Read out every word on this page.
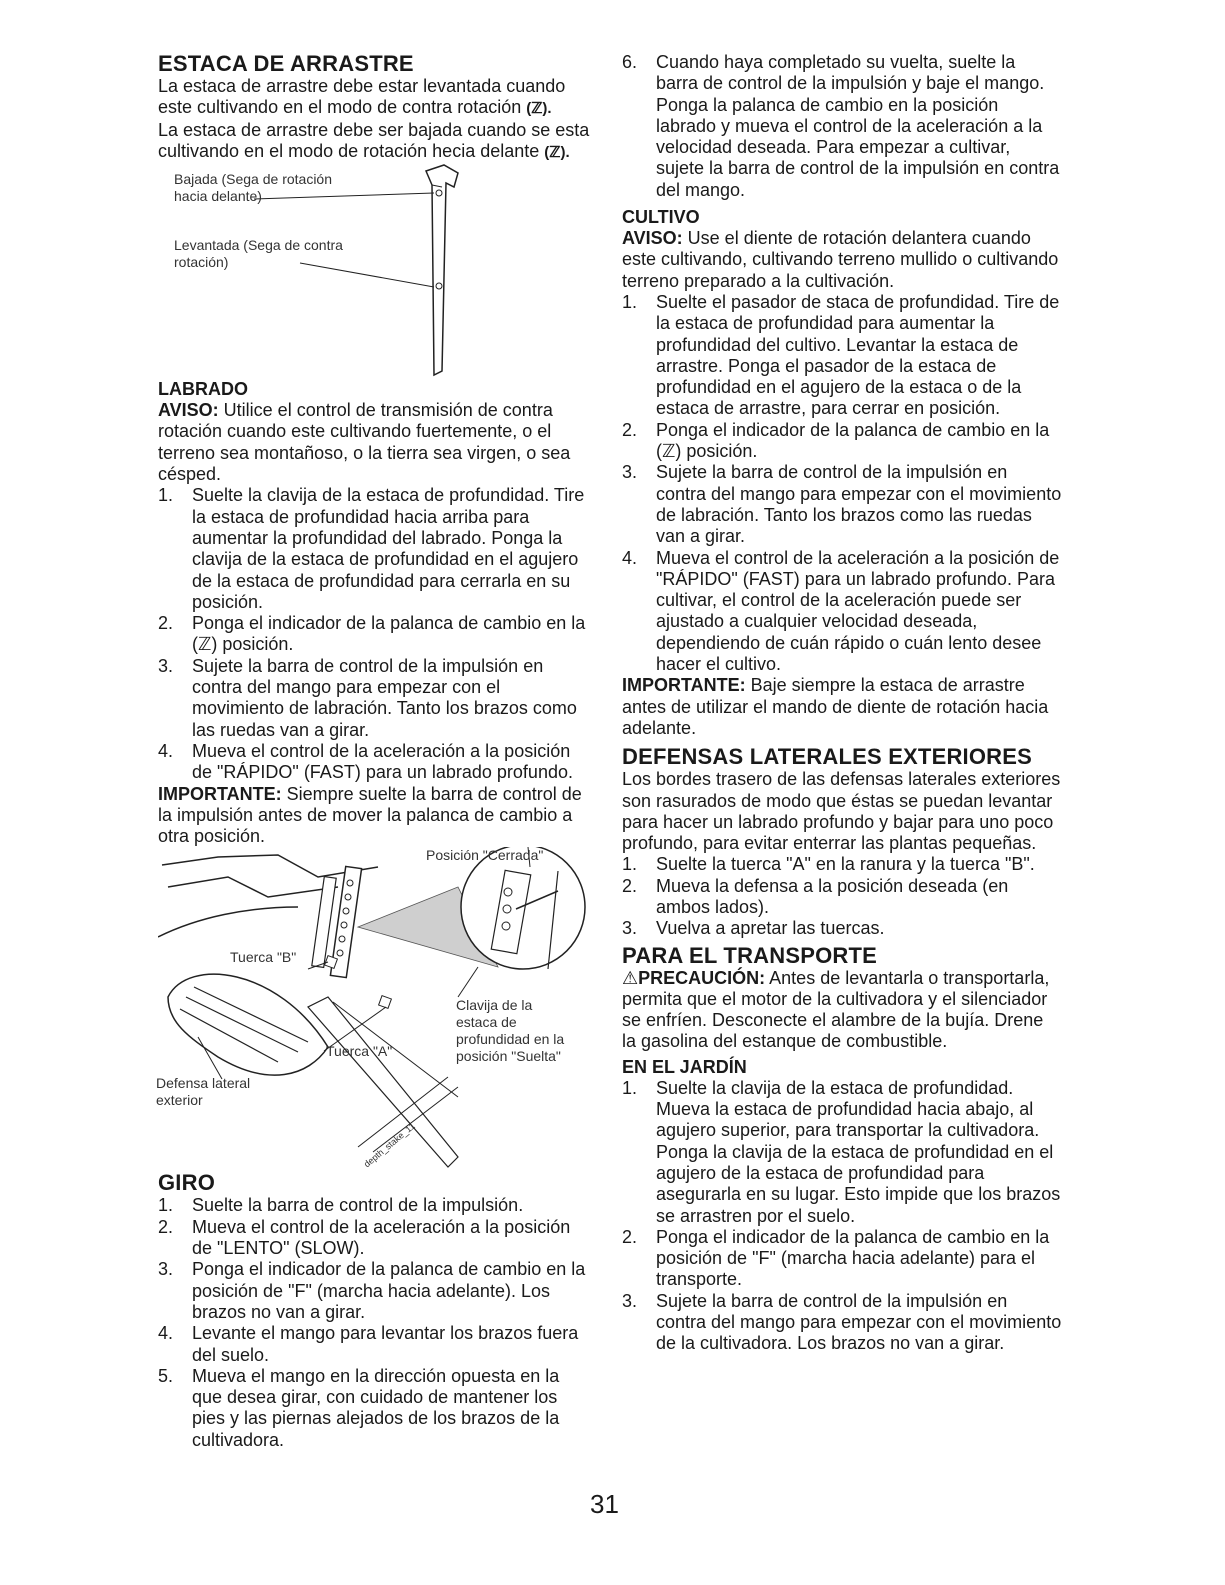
ESTACA DE ARRASTRE

La estaca de arrastre debe estar levantada cuando este cultivando en el modo de contra rotación (ℤ).

La estaca de arrastre debe ser bajada cuando se esta cultivando en el modo de rotación hecia delante (ℤ).

Bajada (Sega de rotación hacia delante)
Levantada (Sega de contra rotación)
LABRADO

AVISO: Utilice el control de transmisión de contra rotación cuando este cultivando fuertemente, o el terreno sea montañoso, o la tierra sea virgen, o sea césped.

1. Suelte la clavija de la estaca de profundidad. Tire la estaca de profundidad hacia arriba para aumentar la profundidad del labrado. Ponga la clavija de la estaca de profundidad en el agujero de la estaca de profundidad para cerrarla en su posición.
2. Ponga el indicador de la palanca de cambio en la (ℤ) posición.
3. Sujete la barra de control de la impulsión en contra del mango para empezar con el movimiento de labración. Tanto los brazos como las ruedas van a girar.
4. Mueva el control de la aceleración a la posición de "RÁPIDO" (FAST) para un labrado profundo.

IMPORTANTE: Siempre suelte la barra de control de la impulsión antes de mover la palanca de cambio a otra posición.

Posición "Cerrada"
Tuerca "B"
Tuerca "A"
Defensa lateral exterior
Clavija de la estaca de profundidad en la posición "Suelta"
depth_stake_11
GIRO
1. Suelte la barra de control de la impulsión.
2. Mueva el control de la aceleración a la posición de "LENTO" (SLOW).
3. Ponga el indicador de la palanca de cambio en la posición de "F" (marcha hacia adelante). Los brazos no van a girar.
4. Levante el mango para levantar los brazos fuera del suelo.
5. Mueva el mango en la dirección opuesta en la que desea girar, con cuidado de mantener los pies y las piernas alejados de los brazos de la cultivadora.
6. Cuando haya completado su vuelta, suelte la barra de control de la impulsión y baje el mango. Ponga la palanca de cambio en la posición labrado y mueva el control de la aceleración a la velocidad deseada. Para empezar a cultivar, sujete la barra de control de la impulsión en contra del mango.
CULTIVO

AVISO: Use el diente de rotación delantera cuando este cultivando, cultivando terreno mullido o cultivando terreno preparado a la cultivación.

1. Suelte el pasador de staca de profundidad. Tire de la estaca de profundidad para aumentar la profundidad del cultivo. Levantar la estaca de arrastre. Ponga el pasador de la estaca de profundidad en el agujero de la estaca o de la estaca de arrastre, para cerrar en posición.
2. Ponga el indicador de la palanca de cambio en la (ℤ) posición.
3. Sujete la barra de control de la impulsión en contra del mango para empezar con el movimiento de labración. Tanto los brazos como las ruedas van a girar.
4. Mueva el control de la aceleración a la posición de "RÁPIDO" (FAST) para un labrado profundo. Para cultivar, el control de la aceleración puede ser ajustado a cualquier velocidad deseada, dependiendo de cuán rápido o cuán lento desee hacer el cultivo.

IMPORTANTE: Baje siempre la estaca de arrastre antes de utilizar el mando de diente de rotación hacia adelante.

DEFENSAS LATERALES EXTERIORES

Los bordes trasero de las defensas laterales exteriores son rasurados de modo que éstas se puedan levantar para hacer un labrado profundo y bajar para uno poco profundo, para evitar enterrar las plantas pequeñas.

1. Suelte la tuerca "A" en la ranura y la tuerca "B".
2. Mueva la defensa a la posición deseada (en ambos lados).
3. Vuelva a apretar las tuercas.
PARA EL TRANSPORTE

⚠PRECAUCIÓN: Antes de levantarla o transportarla, permita que el motor de la cultivadora y el silenciador se enfríen. Desconecte el alambre de la bujía. Drene la gasolina del estanque de combustible.

EN EL JARDÍN
1. Suelte la clavija de la estaca de profundidad. Mueva la estaca de profundidad hacia abajo, al agujero superior, para transportar la cultivadora. Ponga la clavija de la estaca de profundidad en el agujero de la estaca de profundidad para asegurarla en su lugar. Esto impide que los brazos se arrastren por el suelo.
2. Ponga el indicador de la palanca de cambio en la posición de "F" (marcha hacia adelante) para el transporte.
3. Sujete la barra de control de la impulsión en contra del mango para empezar con el movimiento de la cultivadora. Los brazos no van a girar.
31
